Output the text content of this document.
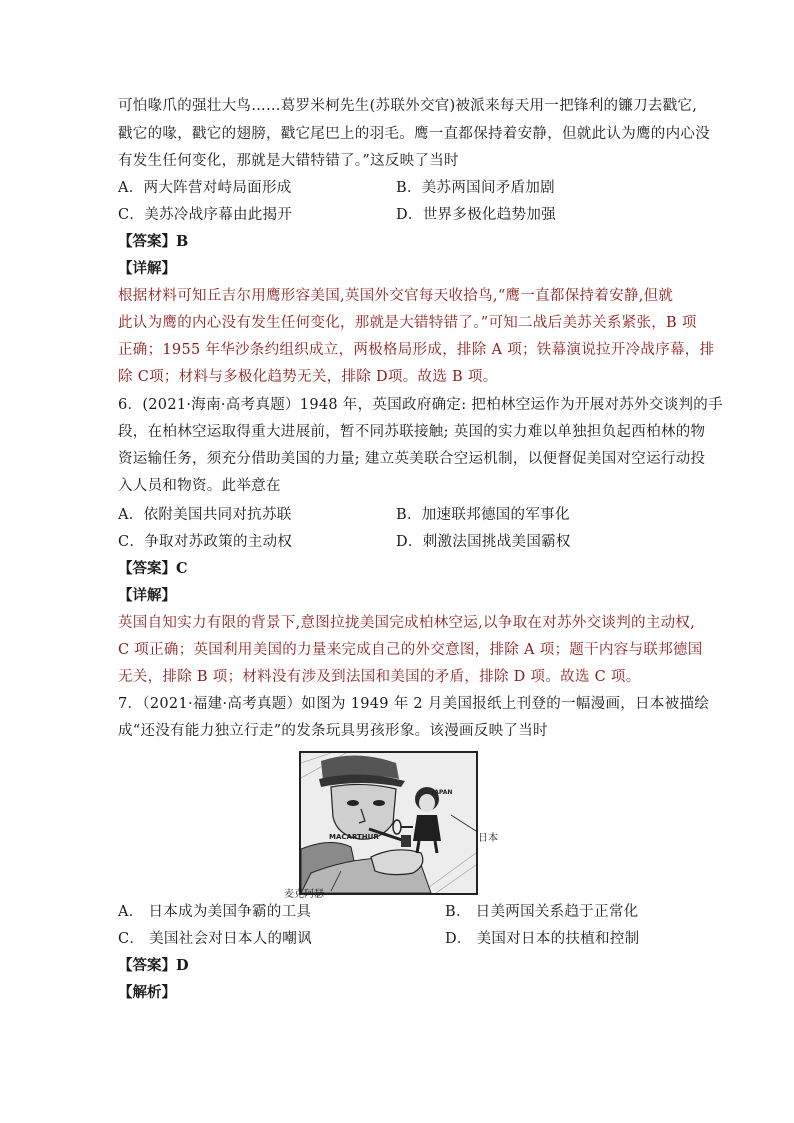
可怕喙爪的强壮大鸟……葛罗米柯先生(苏联外交官)被派来每天用一把锋利的镰刀去戳它,
戳它的喙，戳它的翅膀，戳它尾巴上的羽毛。鹰一直都保持着安静，但就此认为鹰的内心没
有发生任何变化，那就是大错特错了。”这反映了当时
A．两大阵营对峙局面形成	B．美苏两国间矛盾加剧
C．美苏冷战序幕由此揭开	D．世界多极化趋势加强
【答案】B
【详解】
根据材料可知丘吉尔用鹰形容美国,英国外交官每天收拾鸟,“鹰一直都保持着安静,但就
此认为鹰的内心没有发生任何变化，那就是大错特错了。”可知二战后美苏关系紧张，B 项
正确；1955 年华沙条约组织成立，两极格局形成，排除 A 项；铁幕演说拉开冷战序幕，排
除 C项；材料与多极化趋势无关，排除 D项。故选 B 项。
6．(2021·海南·高考真题）1948 年，英国政府确定: 把柏林空运作为开展对苏外交谈判的手
段，在柏林空运取得重大进展前，暂不同苏联接触; 英国的实力难以单独担负起西柏林的物
资运输任务，须充分借助美国的力量; 建立英美联合空运机制，以便督促美国对空运行动投
入人员和物资。此举意在
A．依附美国共同对抗苏联	B．加速联邦德国的军事化
C．争取对苏政策的主动权	D．刺激法国挑战美国霸权
【答案】C
【详解】
英国自知实力有限的背景下,意图拉拢美国完成柏林空运,以争取在对苏外交谈判的主动权,
C 项正确；英国利用美国的力量来完成自己的外交意图，排除 A 项；题干内容与联邦德国
无关，排除 B 项；材料没有涉及到法国和美国的矛盾，排除 D 项。故选 C 项。
7．（2021·福建·高考真题）如图为 1949 年 2 月美国报纸上刊登的一幅漫画，日本被描绘
成“还没有能力独立行走”的发条玩具男孩形象。该漫画反映了当时
MACARTHUR
JAPAN
日本
麦克阿瑟
A． 日本成为美国争霸的工具	B． 日美两国关系趋于正常化
C． 美国社会对日本人的嘲讽	D． 美国对日本的扶植和控制
【答案】D
【解析】
